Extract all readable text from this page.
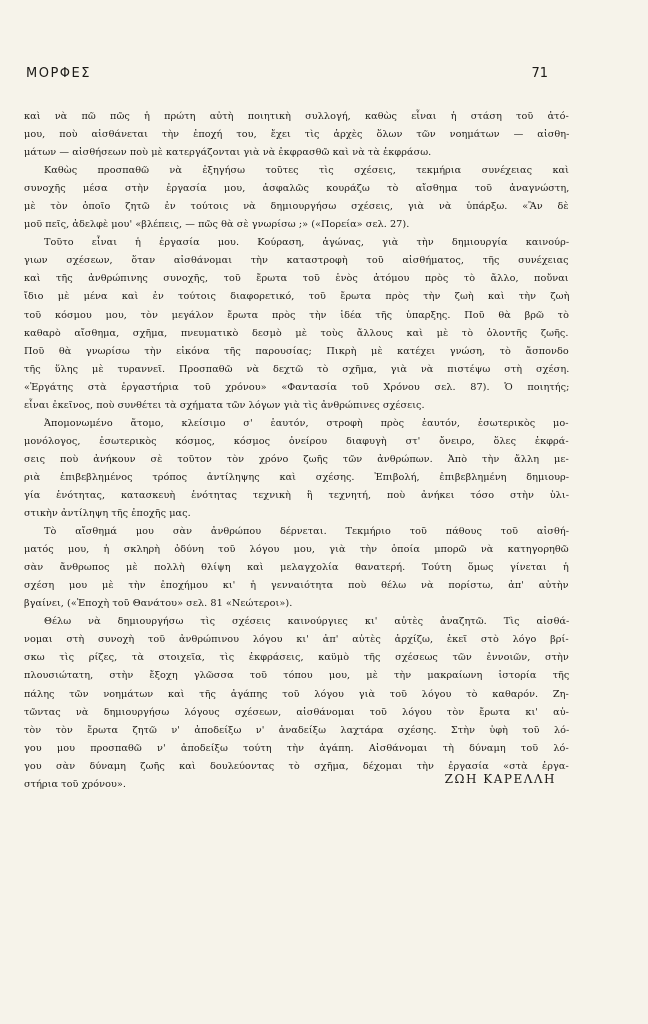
ΜΟΡΦΕΣ	71
καὶ νὰ πῶ πῶς ἡ πρώτη αὐτὴ ποιητικὴ συλλογή, καθὼς εἶναι ἡ στάση τοῦ ἀτό-
μου, ποὺ αἰσθάνεται τὴν ἐποχή του, ἔχει τὶς ἀρχὲς ὅλων τῶν νοημάτων — αἰσθη-
μάτων — αἰσθήσεων ποὺ μὲ κατεργάζονται γιὰ νὰ ἐκφρασθῶ καὶ νὰ τὰ ἐκφράσω.
Καθὼς προσπαθῶ νὰ ἐξηγήσω τοῦτες τὶς σχέσεις, τεκμήρια συνέχειας καὶ
συνοχῆς μέσα στὴν ἐργασία μου, ἀσφαλῶς κουράζω τὸ αἴσθημα τοῦ ἀναγνώστη,
μὲ τὸν ὁποῖο ζητῶ ἐν τούτοις νὰ δημιουργήσω σχέσεις, γιὰ νὰ ὑπάρξω. «Ἂν δὲ
μοῦ πεῖς, ἀδελφὲ μου' «βλέπεις, — πῶς θὰ σὲ γνωρίσω ;» («Πορεία» σελ. 27).
Τοῦτο εἶναι ἡ ἐργασία μου. Κούραση, ἀγώνας, γιὰ τὴν δημιουργία καινούρ-
γιων σχέσεων, ὅταν αἰσθάνομαι τὴν καταστροφὴ τοῦ αἰσθήματος, τῆς συνέχειας
καὶ τῆς ἀνθρώπινης συνοχῆς, τοῦ ἔρωτα τοῦ ἑνὸς ἀτόμου πρὸς τὸ ἄλλο, ποὔναι
ἴδιο μὲ μένα καὶ ἐν τούτοις διαφορετικό, τοῦ ἔρωτα πρὸς τὴν ζωὴ καὶ τὴν ζωὴ
τοῦ κόσμου μου, τὸν μεγάλον ἔρωτα πρὸς τὴν ἰδέα τῆς ὑπαρξης. Ποῦ θὰ βρῶ τὸ
καθαρὸ αἴσθημα, σχῆμα, πνευματικὸ δεσμὸ μὲ τοὺς ἄλλους καὶ μὲ τὸ ὁλοντῆς ζωῆς.
Ποῦ θὰ γνωρίσω τὴν εἰκόνα τῆς παρουσίας; Πικρὴ μὲ κατέχει γνώση, τὸ ἄσπονδο
τῆς ὕλης μὲ τυραννεῖ. Προσπαθῶ νὰ δεχτῶ τὸ σχῆμα, γιὰ νὰ πιστέψω στὴ σχέση.
«Ἐργάτης στὰ ἐργαστήρια τοῦ χρόνου» «Φαντασία τοῦ Χρόνου σελ. 87). Ὁ ποιητής;
εἶναι ἐκεῖνος, ποὺ συνθέτει τὰ σχήματα τῶν λόγων γιὰ τὶς ἀνθρώπινες σχέσεις.
Ἀπομονωμένο ἄτομο, κλείσιμο σ' ἑαυτόν, στροφὴ πρὸς ἑαυτόν, ἐσωτερικὸς μο-
μονόλογος, ἐσωτερικὸς κόσμος, κόσμος ὀνείρου διαφυγὴ στ' ὄνειρο, ὅλες ἐκφρά-
σεις ποὺ ἀνήκουν σὲ τοῦτον τὸν χρόνο ζωῆς τῶν ἀνθρώπων. Ἀπὸ τὴν ἄλλη με-
ριὰ ἐπιβεβλημένος τρόπος ἀντίληψης καὶ σχέσης. Ἐπιβολή, ἐπιβεβλημένη δημιουρ-
γία ἑνότητας, κατασκευὴ ἑνότητας τεχνικὴ ἢ τεχνητή, ποὺ ἀνήκει τόσο στὴν ὑλι-
στικὴν ἀντίληψη τῆς ἐποχῆς μας.
Τὸ αἴσθημά μου σὰν ἀνθρώπου δέρνεται. Τεκμήριο τοῦ πάθους τοῦ αἰσθή-
ματός μου, ἡ σκληρὴ ὀδύνη τοῦ λόγου μου, γιὰ τὴν ὁποία μπορῶ νὰ κατηγορηθῶ
σὰν ἄνθρωπος μὲ πολλὴ θλίψη καὶ μελαγχολία θανατερή. Τούτη ὅμως γίνεται ἡ
σχέση μου μὲ τὴν ἐποχήμου κι' ἡ γενναιότητα ποὺ θέλω νὰ πορίστω, ἀπ' αὐτὴν
βγαίνει, («Ἐποχὴ τοῦ Θανάτου» σελ. 81 «Νεώτεροι»).
Θέλω νὰ δημιουργήσω τὶς σχέσεις καινούργιες κι' αὐτὲς ἀναζητῶ. Τὶς αἰσθά-
νομαι στὴ συνοχὴ τοῦ ἀνθρώπινου λόγου κι' ἀπ' αὐτὲς ἀρχίζω, ἐκεῖ στὸ λόγο βρί-
σκω τὶς ρίζες, τὰ στοιχεῖα, τὶς ἐκφράσεις, καϋμὸ τῆς σχέσεως τῶν ἐννοιῶν, στὴν
πλουσιώτατη, στὴν ἔξοχη γλῶσσα τοῦ τόπου μου, μὲ τὴν μακραίωνη ἱστορία τῆς
πάλης τῶν νοημάτων καὶ τῆς ἀγάπης τοῦ λόγου γιὰ τοῦ λόγου τὸ καθαρόν. Ζη-
τῶντας νὰ δημιουργήσω λόγους σχέσεων, αἰσθάνομαι τοῦ λόγου τὸν ἔρωτα κι' αὐ-
τὸν τὸν ἔρωτα ζητῶ ν' ἀποδείξω ν' ἀναδείξω λαχτάρα σχέσης. Στὴν ὑφὴ τοῦ λό-
γου μου προσπαθῶ ν' ἀποδείξω τούτη τὴν ἀγάπη. Αἰσθάνομαι τὴ δύναμη τοῦ λό-
γου σὰν δύναμη ζωῆς καὶ δουλεύοντας τὸ σχῆμα, δέχομαι τὴν ἐργασία «στὰ ἐργα-
στήρια τοῦ χρόνου».	ΖΩΗ ΚΑΡΕΛΛΗ
